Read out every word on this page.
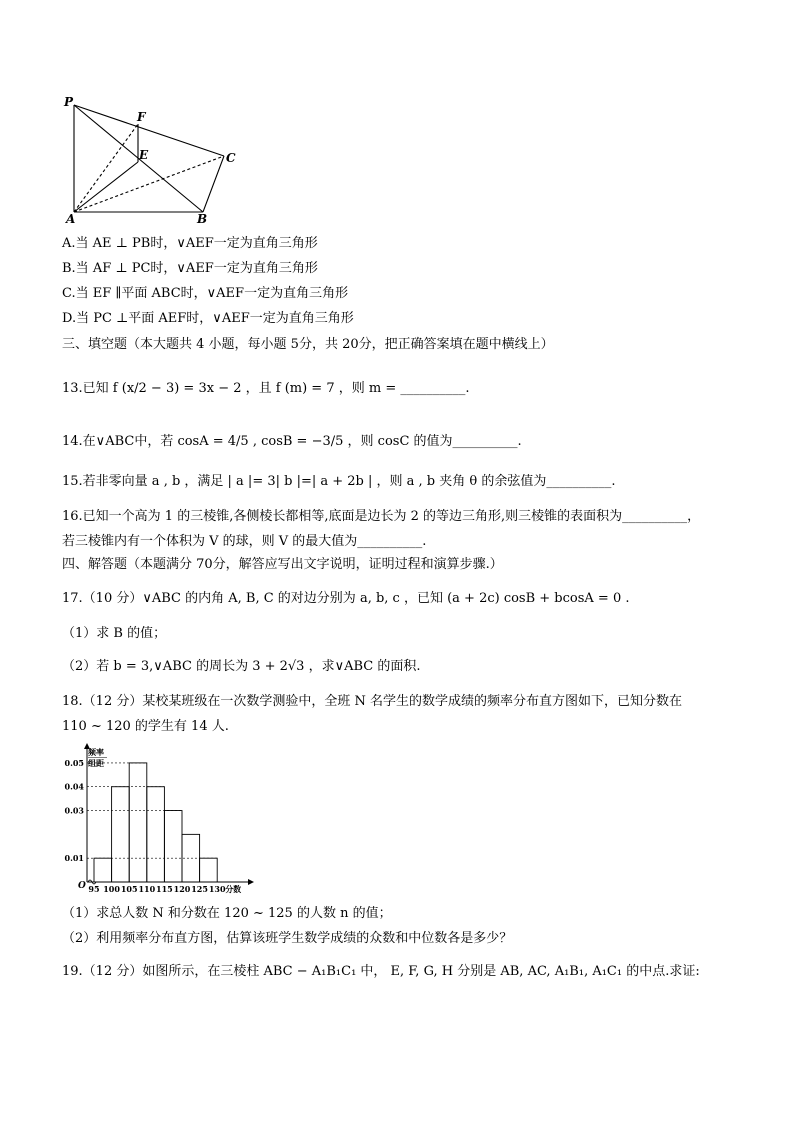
P
F
E	C
A	B
A.当 AE ⊥ PB时，∨AEF一定为直角三角形
B.当 AF ⊥ PC时，∨AEF一定为直角三角形
C.当 EF ∥平面 ABC时，∨AEF一定为直角三角形
D.当 PC ⊥平面 AEF时，∨AEF一定为直角三角形
三、填空题（本大题共 4 小题，每小题 5分，共 20分，把正确答案填在题中横线上）
13.已知 f (x/2 − 3) = 3x − 2 ，且 f (m) = 7 ，则 m = __________.
14.在∨ABC中，若 cosA = 4/5 , cosB = −3/5 ，则 cosC 的值为__________.
15.若非零向量 a , b ，满足 | a |= 3| b |=| a + 2b | ，则 a , b 夹角 θ 的余弦值为__________.
16.已知一个高为 1 的三棱锥,各侧棱长都相等,底面是边长为 2 的等边三角形,则三棱锥的表面积为__________，
若三棱锥内有一个体积为 V 的球，则 V 的最大值为__________.
四、解答题（本题满分 70分，解答应写出文字说明，证明过程和演算步骤.）
17.（10 分）∨ABC 的内角 A, B, C 的对边分别为 a, b, c ，已知 (a + 2c) cosB + bcosA = 0 .
（1）求 B 的值；
（2）若 b = 3,∨ABC 的周长为 3 + 2√3 ，求∨ABC 的面积.
18.（12 分）某校某班级在一次数学测验中，全班 N 名学生的数学成绩的频率分布直方图如下，已知分数在
110 ~ 120 的学生有 14 人.
频率
组距
0.05
0.04
0.03
0.01
95 100 105 110 115 120 125 130 分数
O
（1）求总人数 N 和分数在 120 ~ 125 的人数 n 的值；
（2）利用频率分布直方图，估算该班学生数学成绩的众数和中位数各是多少？
19.（12 分）如图所示，在三棱柱 ABC − A₁B₁C₁ 中， E, F, G, H 分别是 AB, AC, A₁B₁, A₁C₁ 的中点.求证:
